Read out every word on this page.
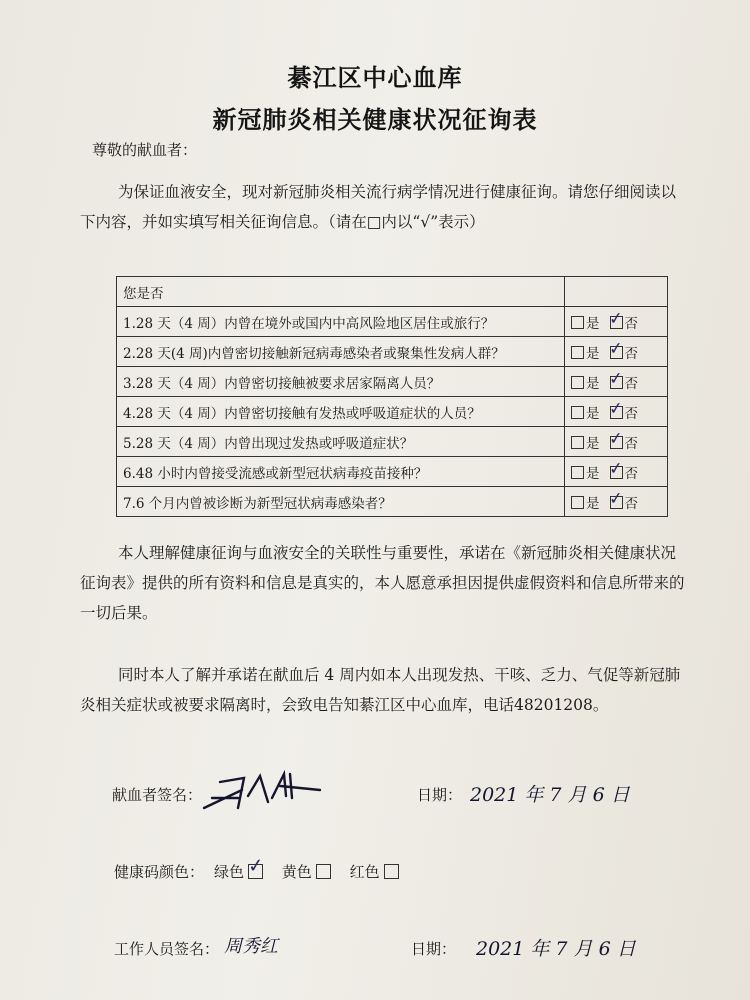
綦江区中心血库
新冠肺炎相关健康状况征询表
尊敬的献血者：
为保证血液安全，现对新冠肺炎相关流行病学情况进行健康征询。请您仔细阅读以下内容，并如实填写相关征询信息。（请在□内以“√”表示）
您是否	
1.28 天（4 周）内曾在境外或国内中高风险地区居住或旅行？	是 ✓ 否
2.28 天(4 周)内曾密切接触新冠病毒感染者或聚集性发病人群？	是 ✓ 否
3.28 天（4 周）内曾密切接触被要求居家隔离人员？	是 ✓ 否
4.28 天（4 周）内曾密切接触有发热或呼吸道症状的人员？	是 ✓ 否
5.28 天（4 周）内曾出现过发热或呼吸道症状？	是 ✓ 否
6.48 小时内曾接受流感或新型冠状病毒疫苗接种？	是 ✓ 否
7.6 个月内曾被诊断为新型冠状病毒感染者？	是 ✓ 否
本人理解健康征询与血液安全的关联性与重要性，承诺在《新冠肺炎相关健康状况征询表》提供的所有资料和信息是真实的，本人愿意承担因提供虚假资料和信息所带来的一切后果。
同时本人了解并承诺在献血后 4 周内如本人出现发热、干咳、乏力、气促等新冠肺炎相关症状或被要求隔离时，会致电告知綦江区中心血库，电话48201208。
献血者签名：	日期： 2021 年 7 月 6 日
健康码颜色： 绿色 ✓ 黄色	红色
工作人员签名： 周秀红	日期： 2021 年 7 月 6 日
